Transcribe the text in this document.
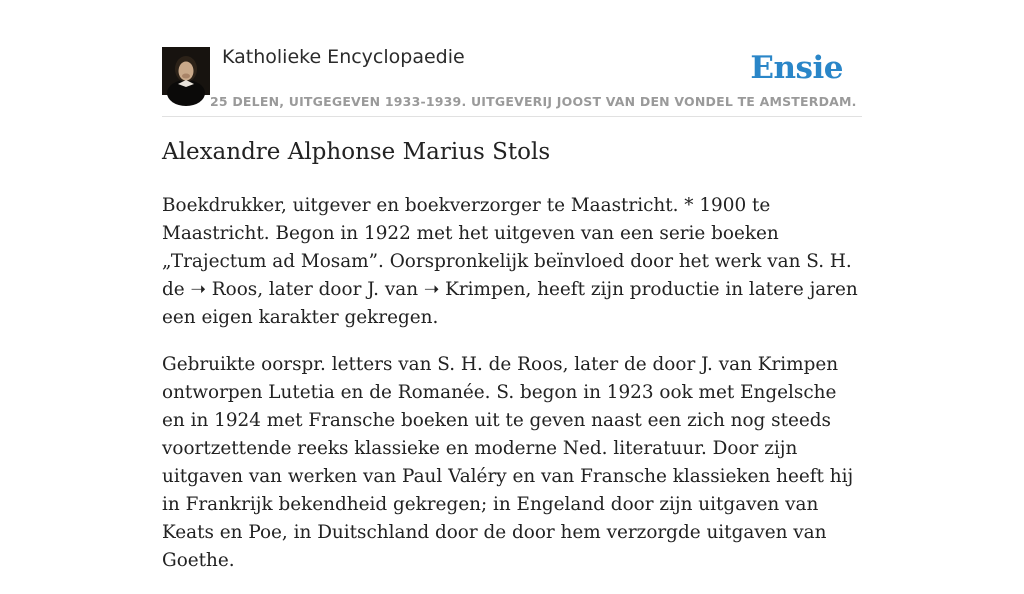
Katholieke Encyclopaedie
25 DELEN, UITGEGEVEN 1933-1939. UITGEVERIJ JOOST VAN DEN VONDEL TE AMSTERDAM.
Ensie
Alexandre Alphonse Marius Stols

Boekdrukker, uitgever en boekverzorger te Maastricht. * 1900 te Maastricht. Begon in 1922 met het uitgeven van een serie boeken „Trajectum ad Mosam”. Oorspronkelijk beïnvloed door het werk van S. H. de ➝ Roos, later door J. van ➝ Krimpen, heeft zijn productie in latere jaren een eigen karakter gekregen.

Gebruikte oorspr. letters van S. H. de Roos, later de door J. van Krimpen ontworpen Lutetia en de Romanée. S. begon in 1923 ook met Engelsche en in 1924 met Fransche boeken uit te geven naast een zich nog steeds voortzettende reeks klassieke en moderne Ned. literatuur. Door zijn uitgaven van werken van Paul Valéry en van Fransche klassieken heeft hij in Frankrijk bekendheid gekregen; in Engeland door zijn uitgaven van Keats en Poe, in Duitschland door de door hem verzorgde uitgaven van Goethe.
